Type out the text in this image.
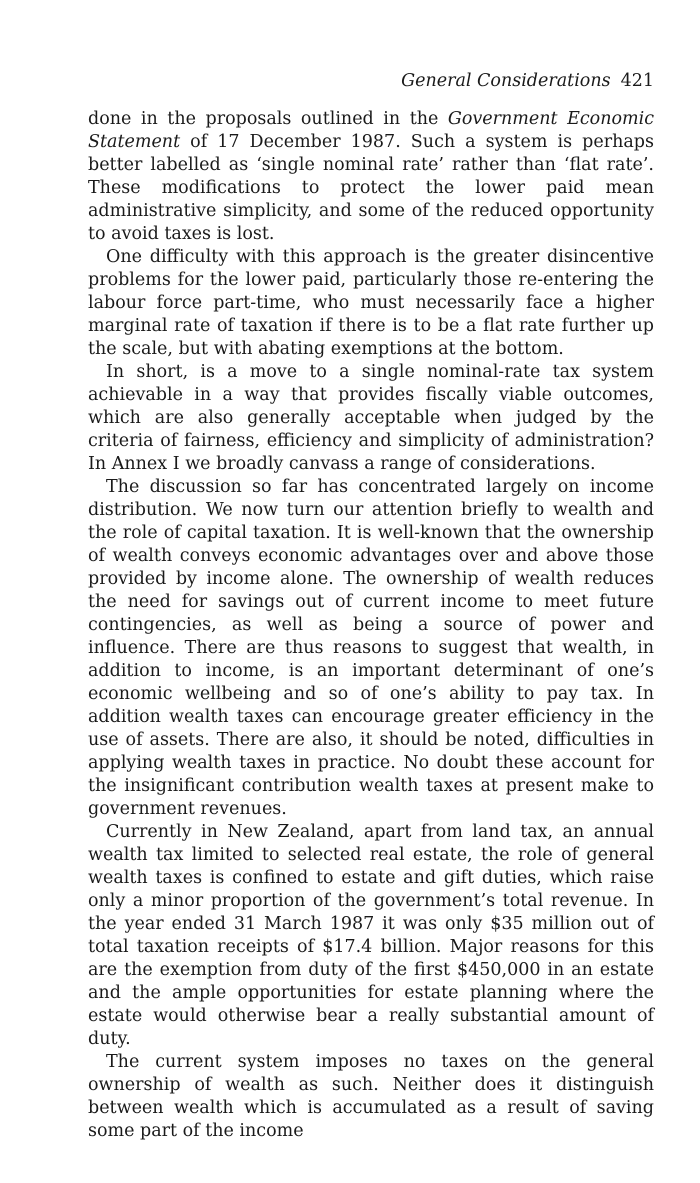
General Considerations 421

done in the proposals outlined in the Government Economic Statement of 17 December 1987. Such a system is perhaps better labelled as ‘single nominal rate’ rather than ‘flat rate’. These modifications to protect the lower paid mean administrative simplicity, and some of the reduced opportunity to avoid taxes is lost.

One difficulty with this approach is the greater disincentive problems for the lower paid, particularly those re-entering the labour force part-time, who must necessarily face a higher marginal rate of taxation if there is to be a flat rate further up the scale, but with abating exemptions at the bottom.

In short, is a move to a single nominal-rate tax system achievable in a way that provides fiscally viable outcomes, which are also generally acceptable when judged by the criteria of fairness, efficiency and simplicity of administration? In Annex I we broadly canvass a range of considerations.

The discussion so far has concentrated largely on income distribution. We now turn our attention briefly to wealth and the role of capital taxation. It is well-known that the ownership of wealth conveys economic advantages over and above those provided by income alone. The ownership of wealth reduces the need for savings out of current income to meet future contingencies, as well as being a source of power and influence. There are thus reasons to suggest that wealth, in addition to income, is an important determinant of one’s economic wellbeing and so of one’s ability to pay tax. In addition wealth taxes can encourage greater efficiency in the use of assets. There are also, it should be noted, difficulties in applying wealth taxes in practice. No doubt these account for the insignificant contribution wealth taxes at present make to government revenues.

Currently in New Zealand, apart from land tax, an annual wealth tax limited to selected real estate, the role of general wealth taxes is confined to estate and gift duties, which raise only a minor proportion of the government’s total revenue. In the year ended 31 March 1987 it was only $35 million out of total taxation receipts of $17.4 billion. Major reasons for this are the exemption from duty of the first $450,000 in an estate and the ample opportunities for estate planning where the estate would otherwise bear a really substantial amount of duty.

The current system imposes no taxes on the general ownership of wealth as such. Neither does it distinguish between wealth which is accumulated as a result of saving some part of the income
